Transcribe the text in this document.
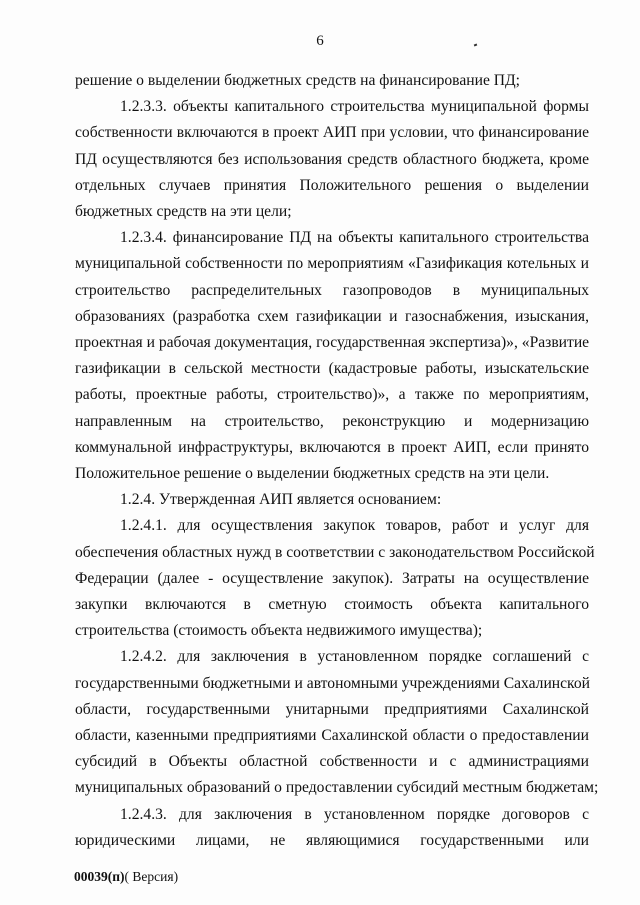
6
решение о выделении бюджетных средств на финансирование ПД;
1.2.3.3. объекты капитального строительства муниципальной формы
собственности включаются в проект АИП при условии, что финансирование
ПД осуществляются без использования средств областного бюджета, кроме
отдельных случаев принятия Положительного решения о выделении
бюджетных средств на эти цели;
1.2.3.4. финансирование ПД на объекты капитального строительства
муниципальной собственности по мероприятиям «Газификация котельных и
строительство распределительных газопроводов в муниципальных
образованиях (разработка схем газификации и газоснабжения, изыскания,
проектная и рабочая документация, государственная экспертиза)», «Развитие
газификации в сельской местности (кадастровые работы, изыскательские
работы, проектные работы, строительство)», а также по мероприятиям,
направленным на строительство, реконструкцию и модернизацию
коммунальной инфраструктуры, включаются в проект АИП, если принято
Положительное решение о выделении бюджетных средств на эти цели.
1.2.4. Утвержденная АИП является основанием:
1.2.4.1. для осуществления закупок товаров, работ и услуг для
обеспечения областных нужд в соответствии с законодательством Российской
Федерации (далее - осуществление закупок). Затраты на осуществление
закупки включаются в сметную стоимость объекта капитального
строительства (стоимость объекта недвижимого имущества);
1.2.4.2. для заключения в установленном порядке соглашений с
государственными бюджетными и автономными учреждениями Сахалинской
области, государственными унитарными предприятиями Сахалинской
области, казенными предприятиями Сахалинской области о предоставлении
субсидий в Объекты областной собственности и с администрациями
муниципальных образований о предоставлении субсидий местным бюджетам;
1.2.4.3. для заключения в установленном порядке договоров с
юридическими лицами, не являющимися государственными или
00039(п)( Версия)
